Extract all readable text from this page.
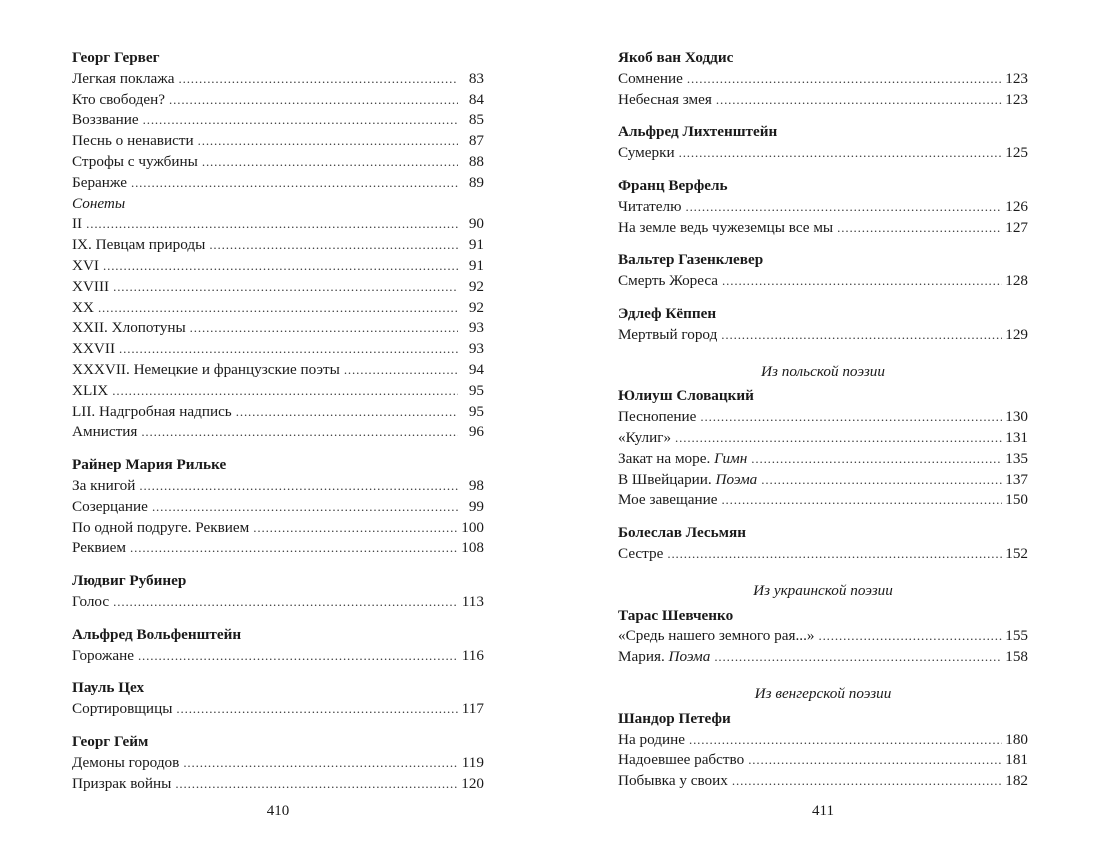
Георг Гервег
Легкая поклажа . . .	83
Кто свободен? . . .	84
Воззвание . . .	85
Песнь о ненависти . . .	87
Строфы с чужбины . . .	88
Беранже . . .	89
Сонеты
II . . .	90
IX. Певцам природы . . .	91
XVI . . .	91
XVIII . . .	92
XX . . .	92
XXII. Хлопотуны . . .	93
XXVII . . .	93
XXXVII. Немецкие и французские поэты . . .	94
XLIX . . .	95
LII. Надгробная надпись . . .	95
Амнистия . . .	96
Райнер Мария Рильке
За книгой . . .	98
Созерцание . . .	99
По одной подруге. Реквием . . .	100
Реквием . . .	108
Людвиг Рубинер
Голос . . .	113
Альфред Вольфенштейн
Горожане . . .	116
Пауль Цех
Сортировщицы . . .	117
Георг Гейм
Демоны городов . . .	119
Призрак войны . . .	120
Якоб ван Ходдис
Сомнение . . .	123
Небесная змея . . .	123
Альфред Лихтенштейн
Сумерки . . .	125
Франц Верфель
Читателю . . .	126
На земле ведь чужеземцы все мы . . .	127
Вальтер Газенклевер
Смерть Жореса . . .	128
Эдлеф Кёппен
Мертвый город . . .	129
Из польской поэзии
Юлиуш Словацкий
Песнопение . . .	130
«Кулиг» . . .	131
Закат на море. Гимн . . .	135
В Швейцарии. Поэма . . .	137
Мое завещание . . .	150
Болеслав Лесьмян
Сестре . . .	152
Из украинской поэзии
Тарас Шевченко
«Средь нашего земного рая...» . . .	155
Мария. Поэма . . .	158
Из венгерской поэзии
Шандор Петефи
На родине . . .	180
Надоевшее рабство . . .	181
Побывка у своих . . .	182
410	411
